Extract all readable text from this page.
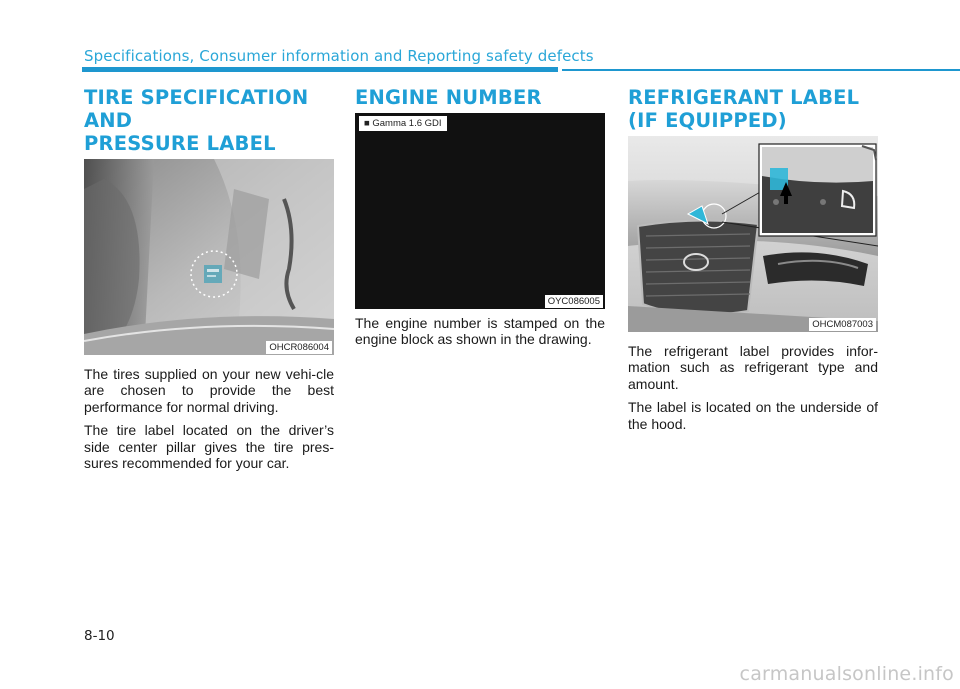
Specifications, Consumer information and Reporting safety defects
TIRE SPECIFICATION AND
PRESSURE LABEL
OHCR086004

The tires supplied on your new vehi-cle are chosen to provide the best performance for normal driving.

The tire label located on the driver’s side center pillar gives the tire pres-sures recommended for your car.

ENGINE NUMBER
■ Gamma 1.6 GDI
OYC086005

The engine number is stamped on the engine block as shown in the drawing.

REFRIGERANT LABEL
(IF EQUIPPED)
OHCM087003

The refrigerant label provides infor-mation such as refrigerant type and amount.

The label is located on the underside of the hood.

8-10
carmanualsonline.info
